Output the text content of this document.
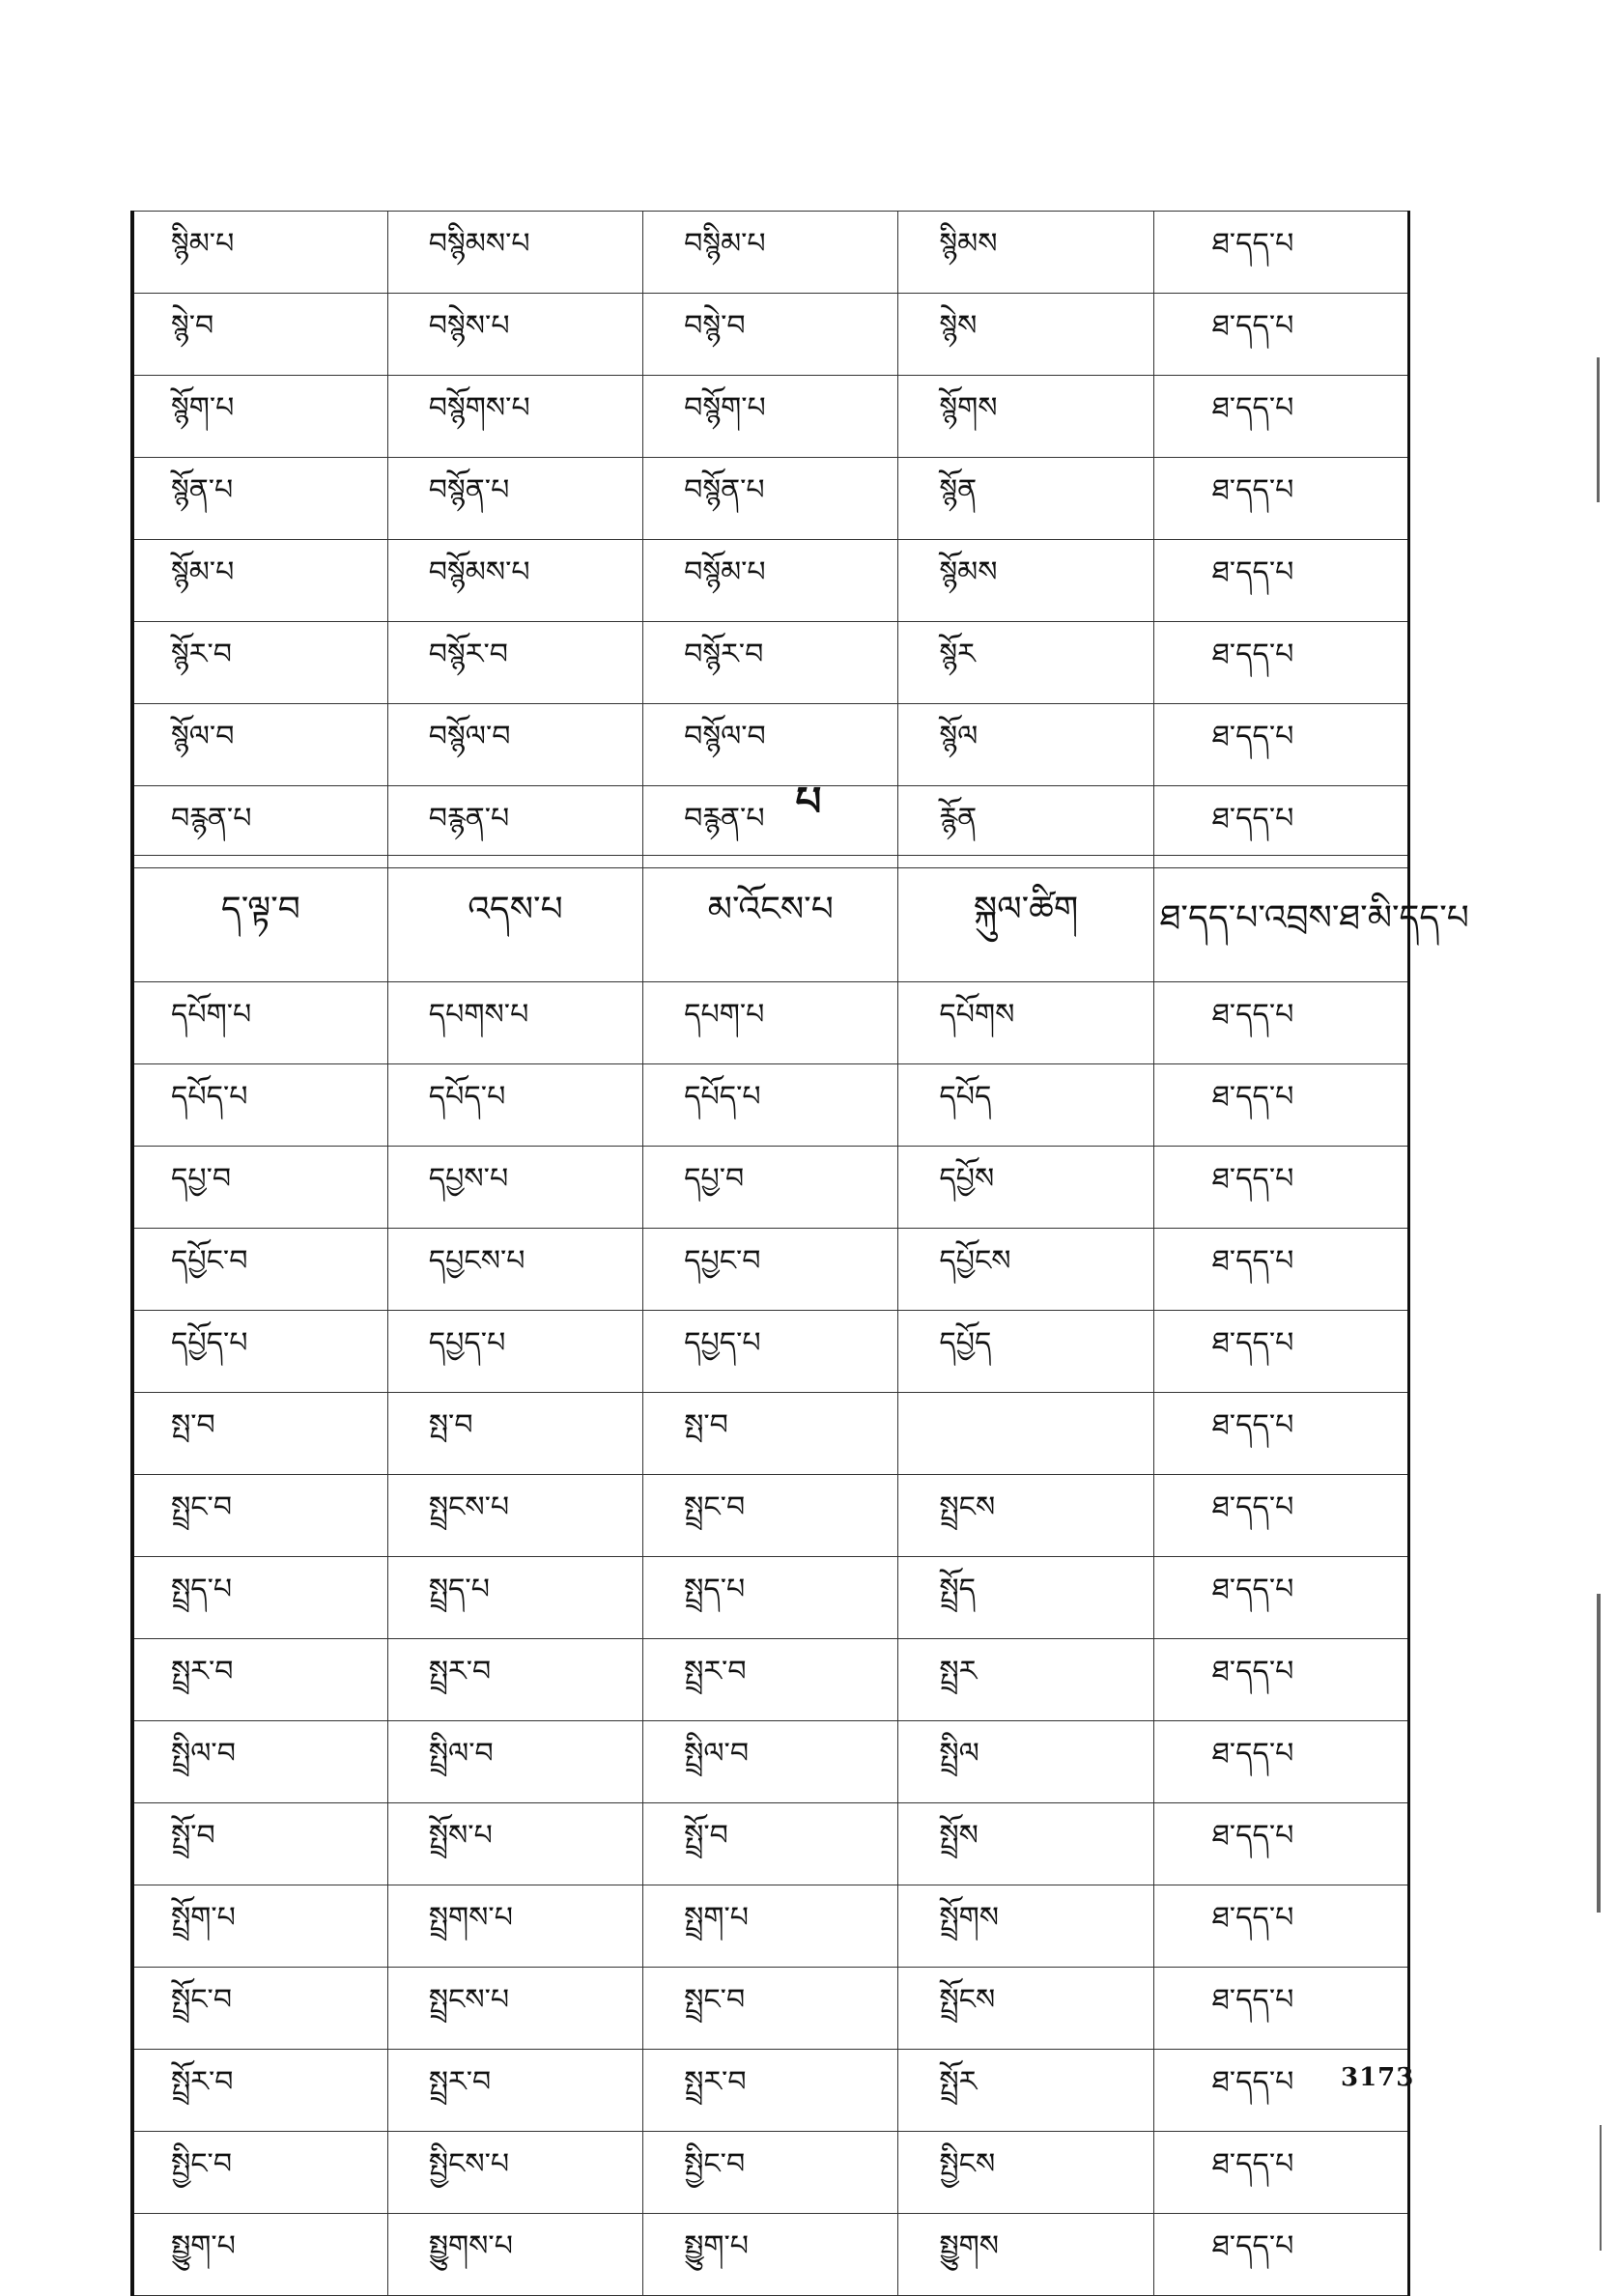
སྙིམ་པ	བསྙིམས་པ	བསྙིམ་པ	སྙིམས	ཐ་དད་པ
སྙེ་བ	བསྙེས་པ	བསྙེ་བ	སྙེས	ཐ་དད་པ
སྙོག་པ	བསྙོགས་པ	བསྙོག་པ	སྙོགས	ཐ་དད་པ
སྙོན་པ	བསྙོན་པ	བསྙོན་པ	སྙོན	ཐ་དད་པ
སྙོམ་པ	བསྙོམས་པ	བསྙོམ་པ	སྙོམས	ཐ་དད་པ
སྙོར་བ	བསྙོར་བ	བསྙོར་བ	སྙོར	ཐ་དད་པ
སྙོལ་བ	བསྙོལ་བ	བསྙོལ་བ	སྙོལ	ཐ་དད་པ
བརྙན་པ	བརྙན་པ	བརྙན་པ	རྙོན	ཐ་དད་པ
པ
ད་ལྟ་བ	འདས་པ	མ་འོངས་པ	སྐུལ་ཚིག	ཐ་དད་པ་འབྲས་ཐ་མི་དད་པ
དཔོག་པ	དཔགས་པ	དཔག་པ	དཔོགས	ཐ་དད་པ
དཔོད་པ	དཔོད་པ	དཔོད་པ	དཔོད	ཐ་དད་པ
དཔྱ་བ	དཔྱས་པ	དཔྱ་བ	དཔྱོས	ཐ་དད་པ
དཔྱོང་བ	དཔྱངས་པ	དཔྱང་བ	དཔྱོངས	ཐ་དད་པ
དཔྱོད་པ	དཔྱད་པ	དཔྱད་པ	དཔྱོད	ཐ་དད་པ
སྤ་བ	སྤ་བ	སྤ་བ		ཐ་དད་པ
སྤྲང་བ	སྤྲངས་པ	སྤྲང་བ	སྤྲངས	ཐ་དད་པ
སྤྲད་པ	སྤྲད་པ	སྤྲད་པ	སྤྲོད	ཐ་དད་པ
སྤྲར་བ	སྤྲར་བ	སྤྲར་བ	སྤྲར	ཐ་དད་པ
སྤྲིལ་བ	སྤྲིལ་བ	སྤྲིལ་བ	སྤྲིལ	ཐ་དད་པ
སྤྲོ་བ	སྤྲོས་པ	སྤྲོ་བ	སྤྲོས	ཐ་དད་པ
སྤྲོག་པ	སྤྲགས་པ	སྤྲག་པ	སྤྲོགས	ཐ་དད་པ
སྤྲོང་བ	སྤྲངས་པ	སྤྲང་བ	སྤྲོངས	ཐ་དད་པ
སྤྲོར་བ	སྤྲར་བ	སྤྲར་བ	སྤྲོར	ཐ་དད་པ
སྤྱིང་བ	སྤྱིངས་པ	སྤྱིང་བ	སྤྱིངས	ཐ་དད་པ
སྤྱུག་པ	སྤྱུགས་པ	སྤྱུག་པ	སྤྱུགས	ཐ་དད་པ
3173
